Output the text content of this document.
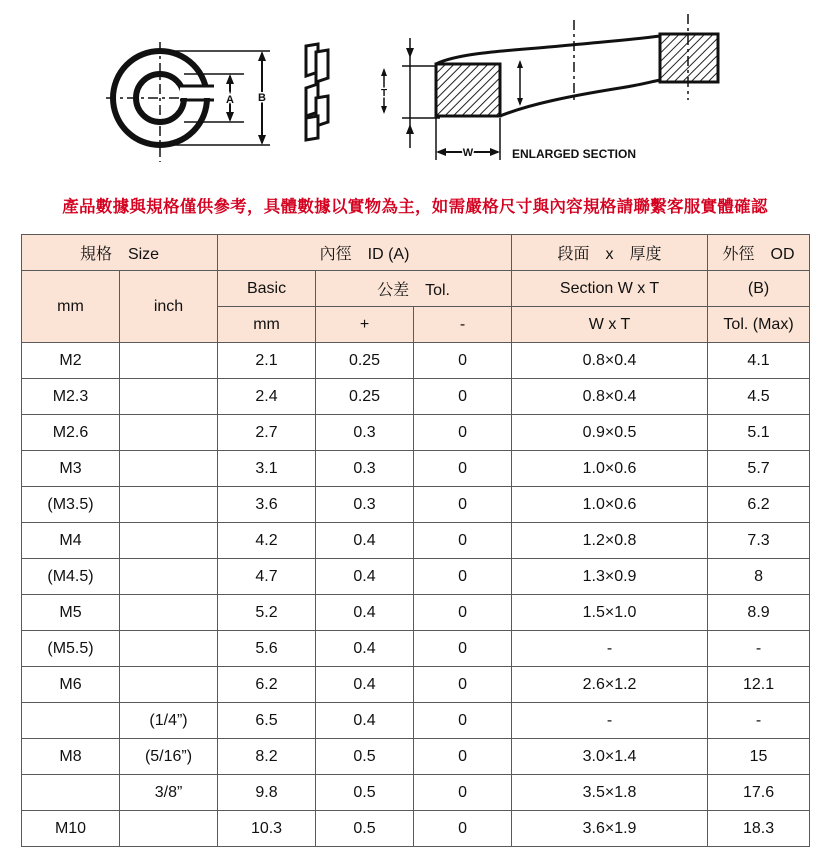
A B	T
W	ENLARGED SECTION
產品數據與規格僅供參考，具體數據以實物為主，如需嚴格尺寸與內容規格請聯繫客服實體確認
規格　Size		內徑　ID (A)			段面　x　厚度	外徑　OD
mm	inch	Basic	公差　Tol.		Section W x T	(B)
		mm	+	-	W x T	Tol. (Max)
M2		2.1	0.25	0	0.8×0.4	4.1
M2.3		2.4	0.25	0	0.8×0.4	4.5
M2.6		2.7	0.3	0	0.9×0.5	5.1
M3		3.1	0.3	0	1.0×0.6	5.7
(M3.5)		3.6	0.3	0	1.0×0.6	6.2
M4		4.2	0.4	0	1.2×0.8	7.3
(M4.5)		4.7	0.4	0	1.3×0.9	8
M5		5.2	0.4	0	1.5×1.0	8.9
(M5.5)		5.6	0.4	0	-	-
M6		6.2	0.4	0	2.6×1.2	12.1
	(1/4”)	6.5	0.4	0	-	-
M8	(5/16”)	8.2	0.5	0	3.0×1.4	15
	3/8”	9.8	0.5	0	3.5×1.8	17.6
M10		10.3	0.5	0	3.6×1.9	18.3
